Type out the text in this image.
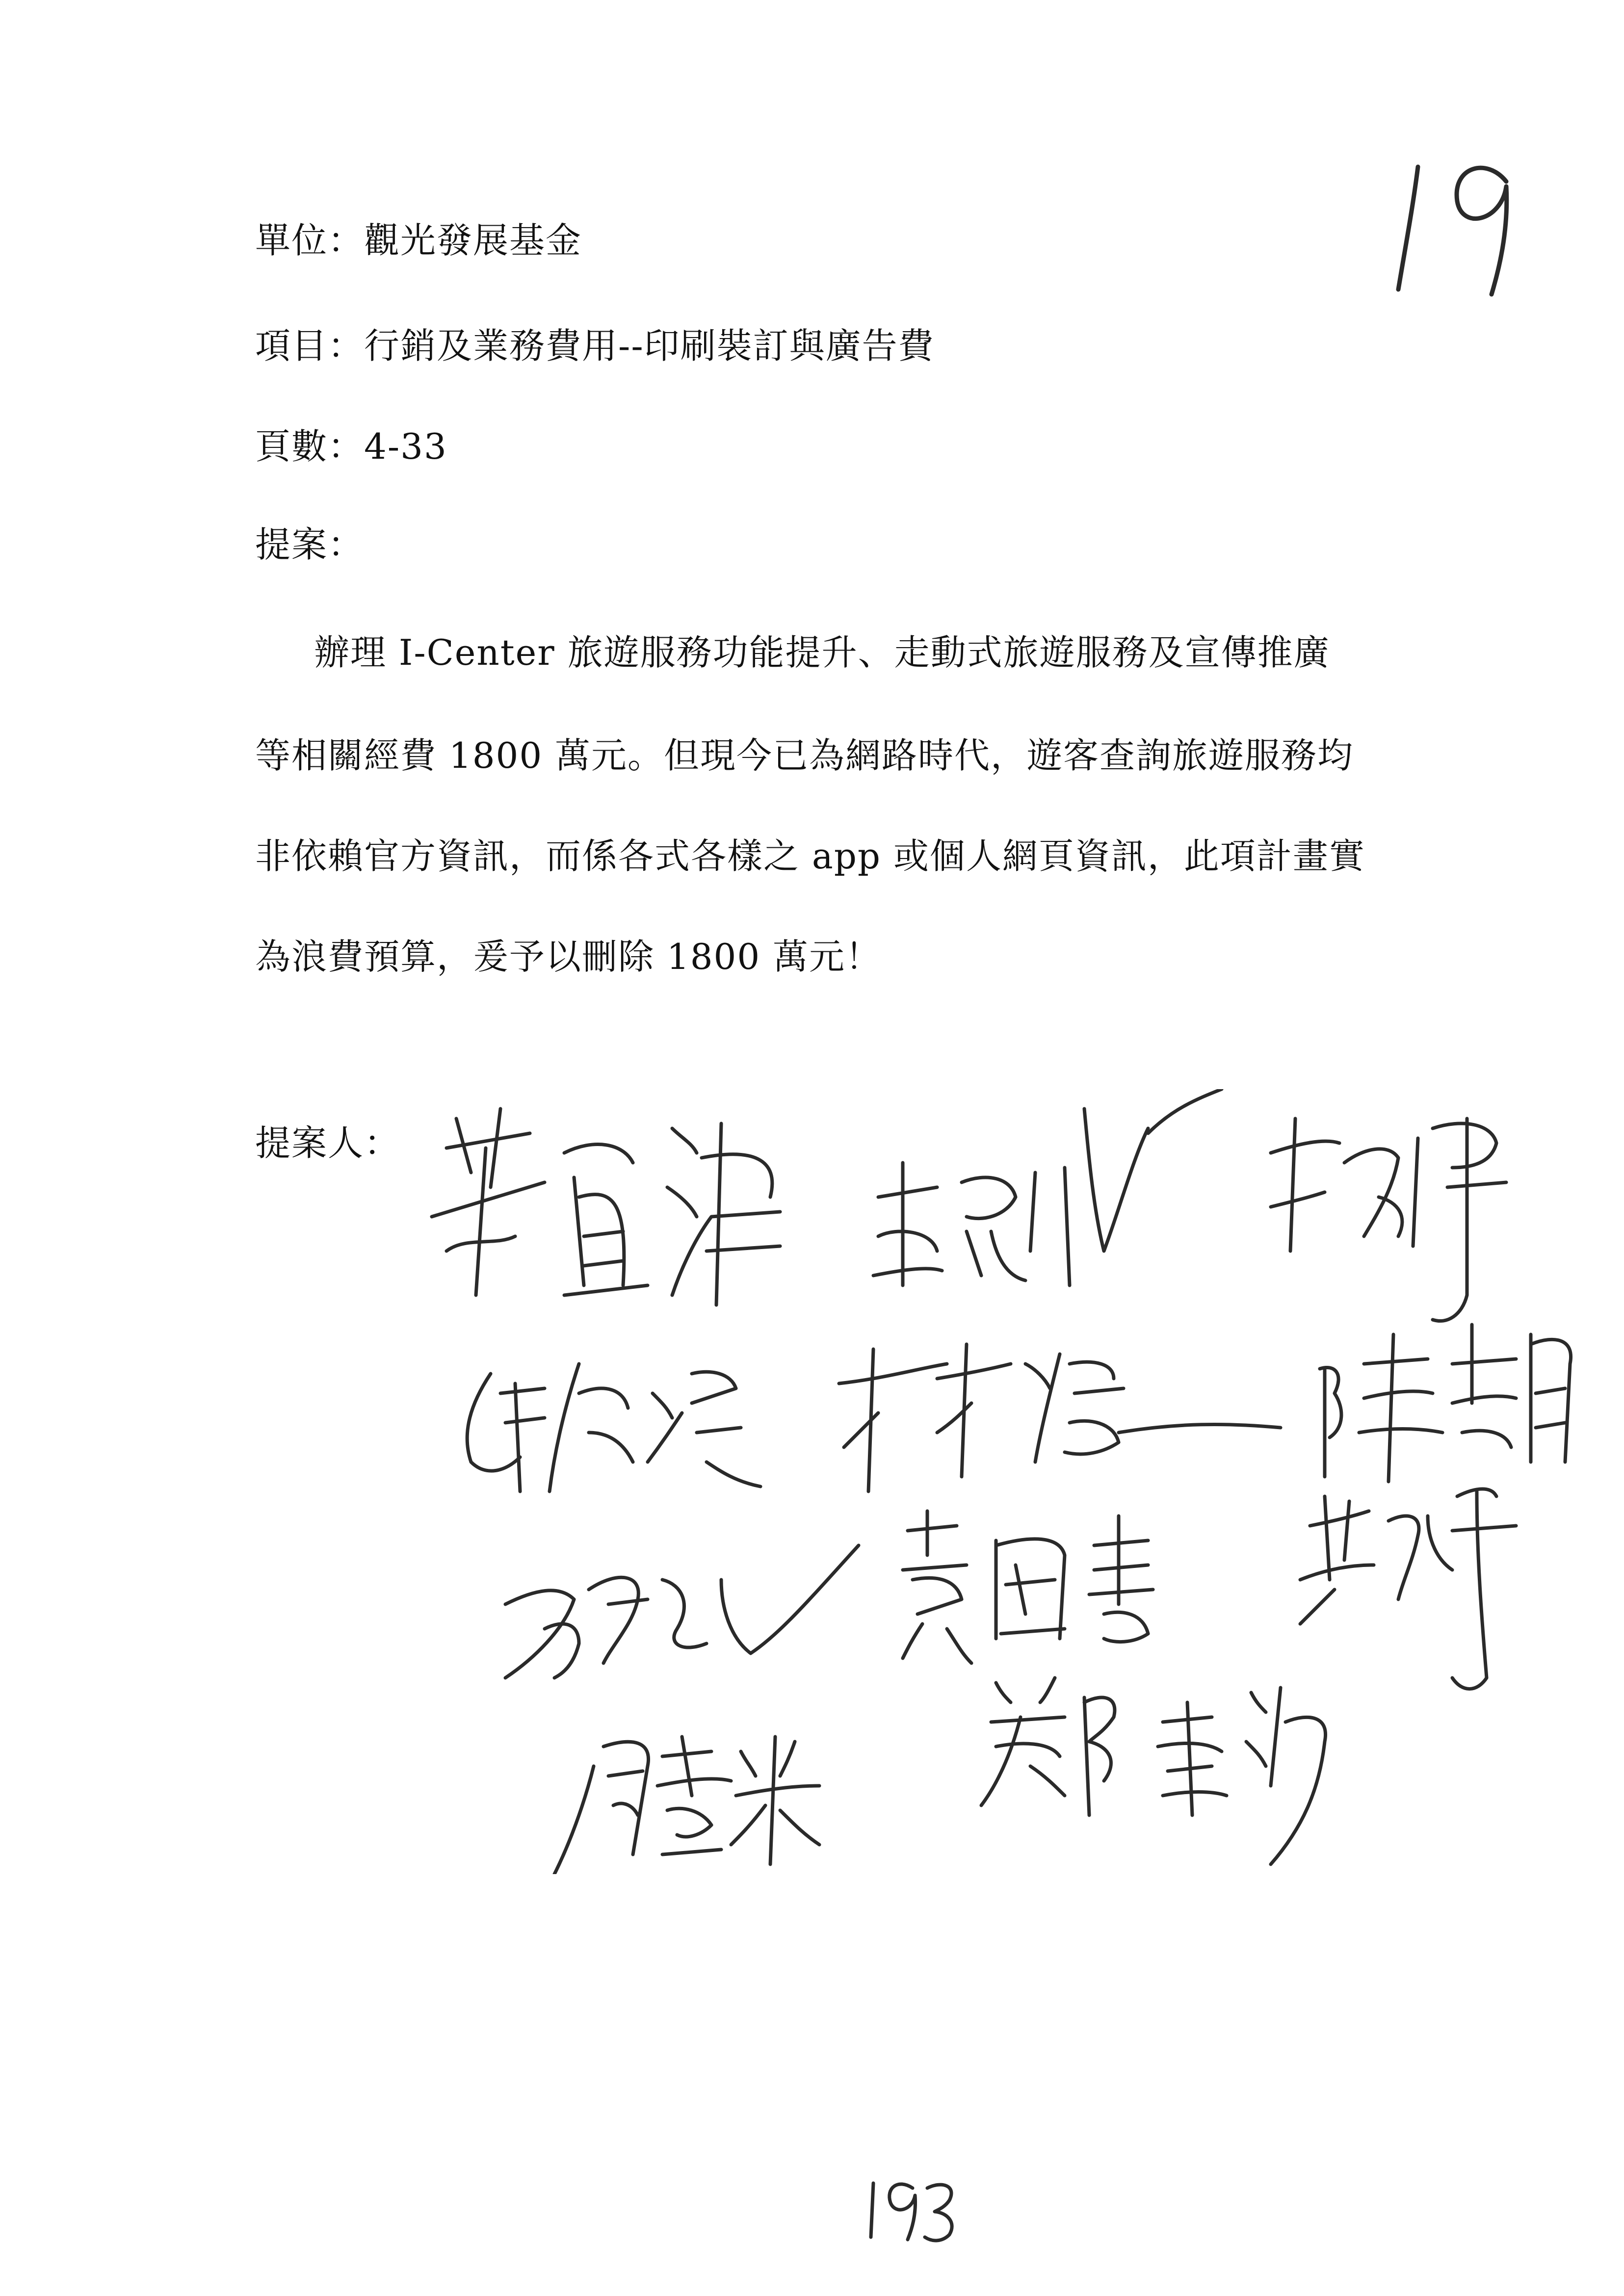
單位：觀光發展基金
項目：行銷及業務費用--印刷裝訂與廣告費
頁數：4-33
提案：
辦理 I-Center 旅遊服務功能提升、走動式旅遊服務及宣傳推廣
等相關經費 1800 萬元。但現今已為網路時代，遊客查詢旅遊服務均
非依賴官方資訊，而係各式各樣之 app 或個人網頁資訊，此項計畫實
為浪費預算，爰予以刪除 1800 萬元！
提案人：
